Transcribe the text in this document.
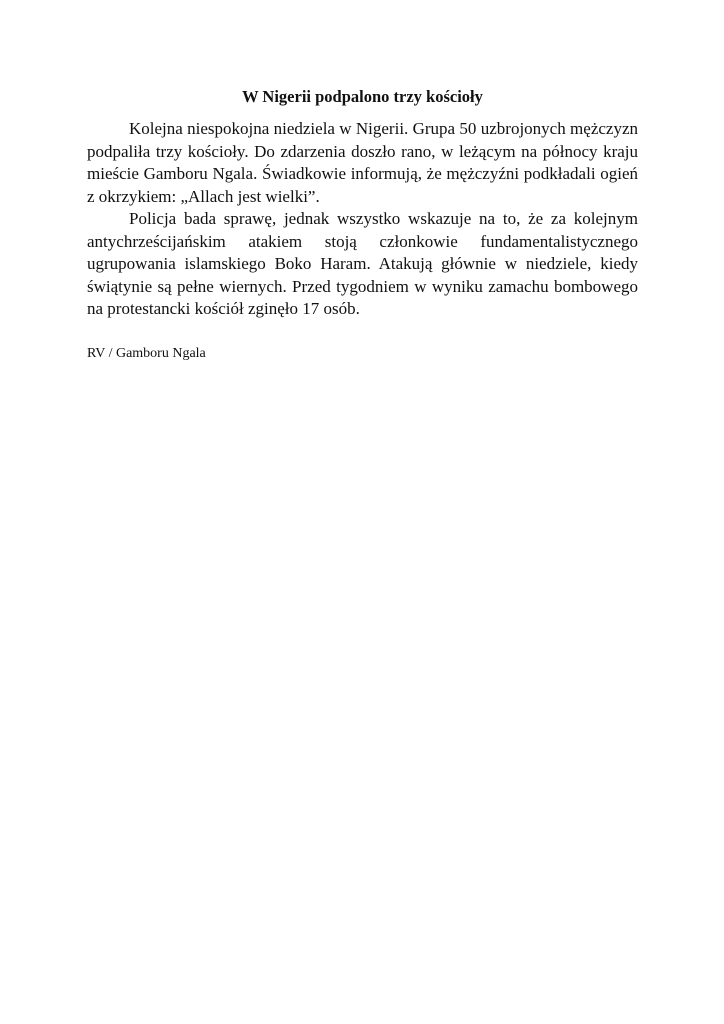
W Nigerii podpalono trzy kościoły

Kolejna niespokojna niedziela w Nigerii. Grupa 50 uzbrojonych mężczyzn podpaliła trzy kościoły. Do zdarzenia doszło rano, w leżącym na północy kraju mieście Gamboru Ngala. Świadkowie informują, że mężczyźni podkładali ogień z okrzykiem: „Allach jest wielki”.

Policja bada sprawę, jednak wszystko wskazuje na to, że za kolejnym antychrześcijańskim atakiem stoją członkowie fundamentalistycznego ugrupowania islamskiego Boko Haram. Atakują głównie w niedziele, kiedy świątynie są pełne wiernych. Przed tygodniem w wyniku zamachu bombowego na protestancki kościół zginęło 17 osób.

RV / Gamboru Ngala
